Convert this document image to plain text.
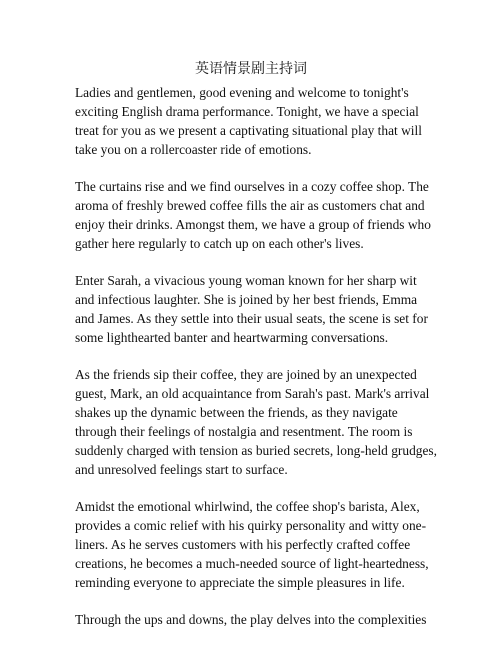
英语情景剧主持词
Ladies and gentlemen, good evening and welcome to tonight's
exciting English drama performance. Tonight, we have a special
treat for you as we present a captivating situational play that will
take you on a rollercoaster ride of emotions.
The curtains rise and we find ourselves in a cozy coffee shop. The
aroma of freshly brewed coffee fills the air as customers chat and
enjoy their drinks. Amongst them, we have a group of friends who
gather here regularly to catch up on each other's lives.
Enter Sarah, a vivacious young woman known for her sharp wit
and infectious laughter. She is joined by her best friends, Emma
and James. As they settle into their usual seats, the scene is set for
some lighthearted banter and heartwarming conversations.
As the friends sip their coffee, they are joined by an unexpected
guest, Mark, an old acquaintance from Sarah's past. Mark's arrival
shakes up the dynamic between the friends, as they navigate
through their feelings of nostalgia and resentment. The room is
suddenly charged with tension as buried secrets, long-held grudges,
and unresolved feelings start to surface.
Amidst the emotional whirlwind, the coffee shop's barista, Alex,
provides a comic relief with his quirky personality and witty one-
liners. As he serves customers with his perfectly crafted coffee
creations, he becomes a much-needed source of light-heartedness,
reminding everyone to appreciate the simple pleasures in life.
Through the ups and downs, the play delves into the complexities
